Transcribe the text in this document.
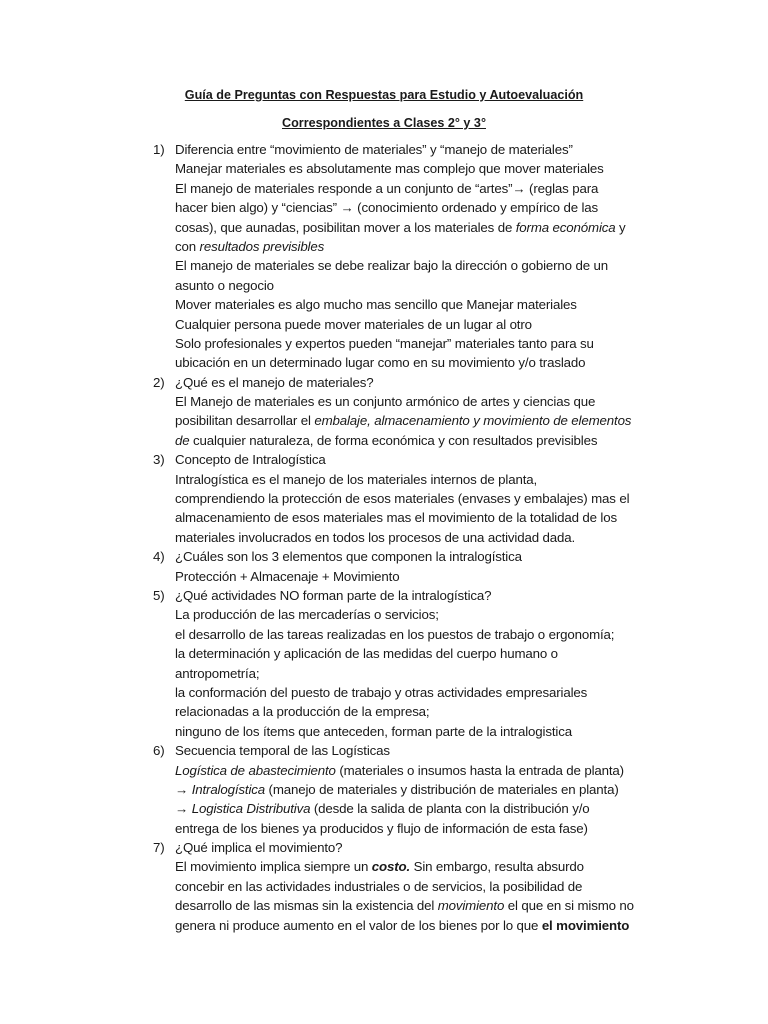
Guía de Preguntas con Respuestas para Estudio y Autoevaluación
Correspondientes a Clases 2° y 3°
1) Diferencia entre “movimiento de materiales” y “manejo de materiales”
Manejar materiales es absolutamente mas complejo que mover materiales
El manejo de materiales responde a un conjunto de “artes”→ (reglas para
hacer bien algo) y “ciencias” → (conocimiento ordenado y empírico de las
cosas), que aunadas, posibilitan mover a los materiales de forma económica y
con resultados previsibles
El manejo de materiales se debe realizar bajo la dirección o gobierno de un
asunto o negocio
Mover materiales es algo mucho mas sencillo que Manejar materiales
Cualquier persona puede mover materiales de un lugar al otro
Solo profesionales y expertos pueden “manejar” materiales tanto para su
ubicación en un determinado lugar como en su movimiento y/o traslado
2) ¿Qué es el manejo de materiales?
El Manejo de materiales es un conjunto armónico de artes y ciencias que
posibilitan desarrollar el embalaje, almacenamiento y movimiento de elementos
de cualquier naturaleza, de forma económica y con resultados previsibles
3) Concepto de Intralogística
Intralogística es el manejo de los materiales internos de planta,
comprendiendo la protección de esos materiales (envases y embalajes) mas el
almacenamiento de esos materiales mas el movimiento de la totalidad de los
materiales involucrados en todos los procesos de una actividad dada.
4) ¿Cuáles son los 3 elementos que componen la intralogística
Protección + Almacenaje + Movimiento
5) ¿Qué actividades NO forman parte de la intralogística?
La producción de las mercaderías o servicios;
el desarrollo de las tareas realizadas en los puestos de trabajo o ergonomía;
la determinación y aplicación de las medidas del cuerpo humano o
antropometría;
la conformación del puesto de trabajo y otras actividades empresariales
relacionadas a la producción de la empresa;
ninguno de los ítems que anteceden, forman parte de la intralogistica
6) Secuencia temporal de las Logísticas
Logística de abastecimiento (materiales o insumos hasta la entrada de planta)
→ Intralogística (manejo de materiales y distribución de materiales en planta)
→ Logistica Distributiva (desde la salida de planta con la distribución y/o
entrega de los bienes ya producidos y flujo de información de esta fase)
7) ¿Qué implica el movimiento?
El movimiento implica siempre un costo. Sin embargo, resulta absurdo
concebir en las actividades industriales o de servicios, la posibilidad de
desarrollo de las mismas sin la existencia del movimiento el que en si mismo no
genera ni produce aumento en el valor de los bienes por lo que el movimiento
